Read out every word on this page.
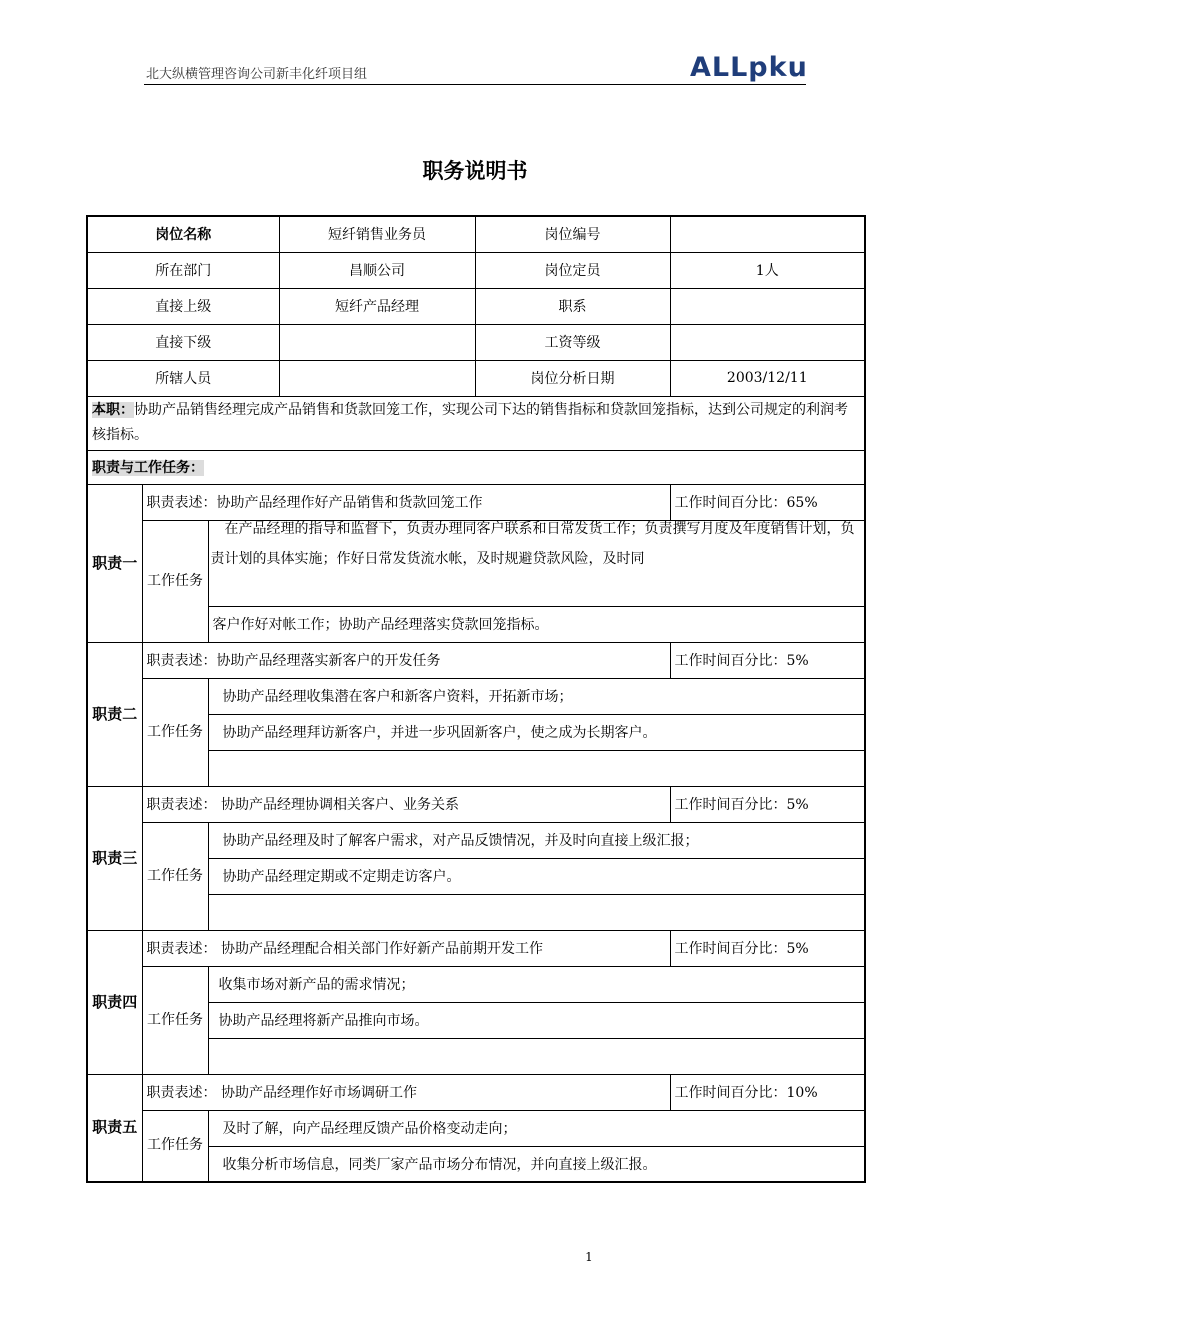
北大纵横管理咨询公司新丰化纤项目组	ALLpku
职务说明书
岗位名称			短纤销售业务员	岗位编号	
所在部门			昌顺公司	岗位定员	1人
直接上级			短纤产品经理	职系	
直接下级				工资等级	
所辖人员				岗位分析日期	2003/12/11
本职：协助产品销售经理完成产品销售和货款回笼工作，实现公司下达的销售指标和贷款回笼指标，达到公司规定的利润考核指标。					
职责与工作任务：					
职责一	职责表述：协助产品经理作好产品销售和货款回笼工作				工作时间百分比：65%
	工作任务				

		在产品经理的指导和监督下，负责办理同客户联系和日常发货工作；负责撰写月度及年度销售计划，负责计划的具体实施；作好日常发货流水帐，及时规避贷款风险，及时同			

		客户作好对帐工作；协助产品经理落实贷款回笼指标。			
职责二	职责表述：协助产品经理落实新客户的开发任务				工作时间百分比：5%
	工作任务	协助产品经理收集潜在客户和新客户资料，开拓新市场；			
		协助产品经理拜访新客户，并进一步巩固新客户，使之成为长期客户。			

职责三	职责表述： 协助产品经理协调相关客户、业务关系				工作时间百分比：5%
	工作任务	协助产品经理及时了解客户需求，对产品反馈情况，并及时向直接上级汇报；			
		协助产品经理定期或不定期走访客户。			

职责四	职责表述： 协助产品经理配合相关部门作好新产品前期开发工作				工作时间百分比：5%
	工作任务	收集市场对新产品的需求情况；			
		协助产品经理将新产品推向市场。			

职责五	职责表述： 协助产品经理作好市场调研工作				工作时间百分比：10%
	工作任务	及时了解，向产品经理反馈产品价格变动走向；			
		收集分析市场信息，同类厂家产品市场分布情况，并向直接上级汇报。			
1
